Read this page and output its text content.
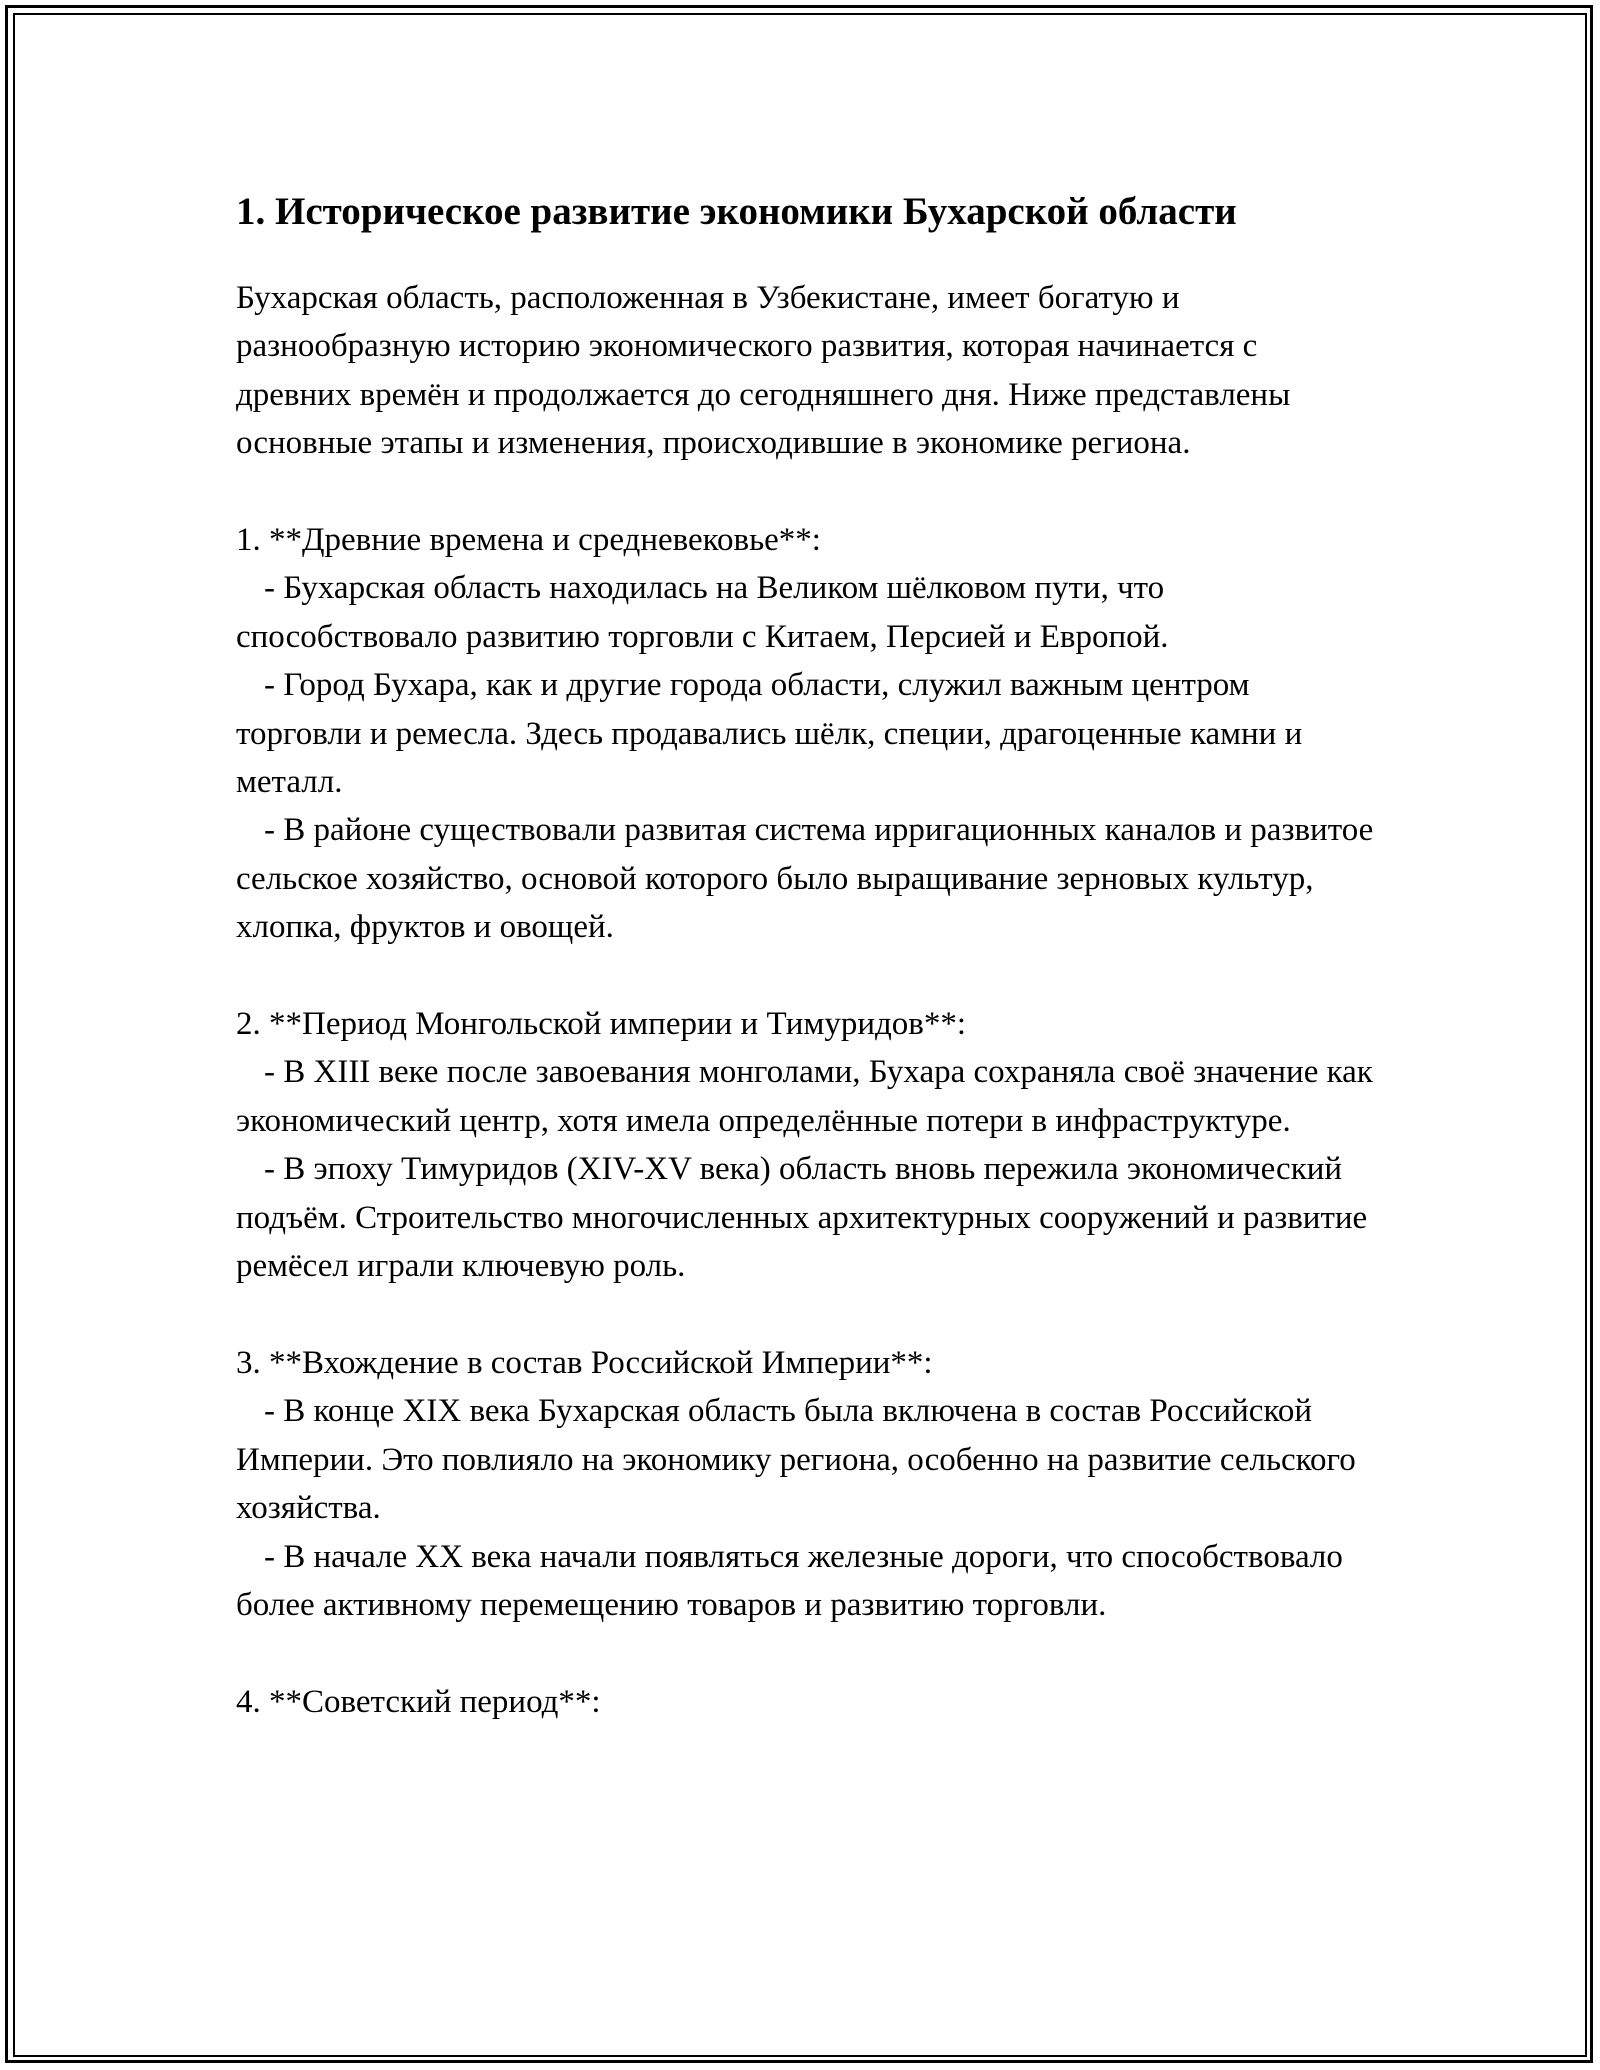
1. Историческое развитие экономики Бухарской области

Бухарская область, расположенная в Узбекистане, имеет богатую и разнообразную историю экономического развития, которая начинается с древних времён и продолжается до сегодняшнего дня. Ниже представлены основные этапы и изменения, происходившие в экономике региона.

1. **Древние времена и средневековье**:

- Бухарская область находилась на Великом шёлковом пути, что способствовало развитию торговли с Китаем, Персией и Европой.

- Город Бухара, как и другие города области, служил важным центром торговли и ремесла. Здесь продавались шёлк, специи, драгоценные камни и металл.

- В районе существовали развитая система ирригационных каналов и развитое сельское хозяйство, основой которого было выращивание зерновых культур, хлопка, фруктов и овощей.

2. **Период Монгольской империи и Тимуридов**:

- В XIII веке после завоевания монголами, Бухара сохраняла своё значение как экономический центр, хотя имела определённые потери в инфраструктуре.

- В эпоху Тимуридов (XIV-XV века) область вновь пережила экономический подъём. Строительство многочисленных архитектурных сооружений и развитие ремёсел играли ключевую роль.

3. **Вхождение в состав Российской Империи**:

- В конце XIX века Бухарская область была включена в состав Российской Империи. Это повлияло на экономику региона, особенно на развитие сельского хозяйства.

- В начале XX века начали появляться железные дороги, что способствовало более активному перемещению товаров и развитию торговли.

4. **Советский период**:
